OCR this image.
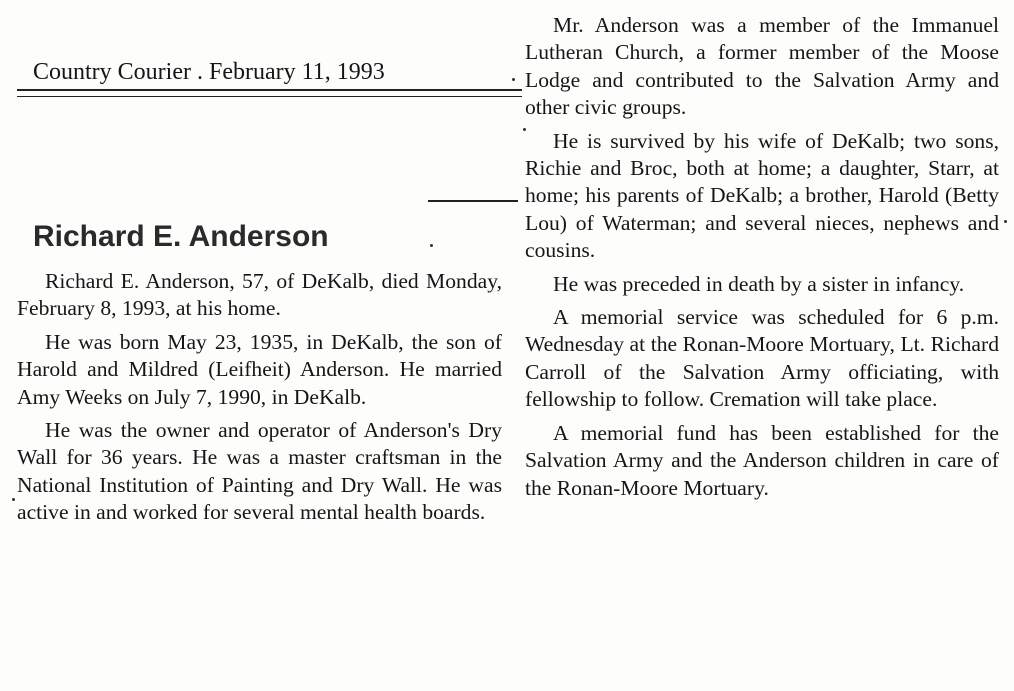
Country Courier . February 11, 1993
Richard E. Anderson

Richard E. Anderson, 57, of DeKalb, died Monday, February 8, 1993, at his home.

He was born May 23, 1935, in DeKalb, the son of Harold and Mildred (Leifheit) Anderson. He married Amy Weeks on July 7, 1990, in DeKalb.

He was the owner and operator of Anderson's Dry Wall for 36 years. He was a master craftsman in the National Institution of Painting and Dry Wall. He was active in and worked for several mental health boards.

Mr. Anderson was a member of the Immanuel Lutheran Church, a former member of the Moose Lodge and contributed to the Salvation Army and other civic groups.

He is survived by his wife of DeKalb; two sons, Richie and Broc, both at home; a daughter, Starr, at home; his parents of DeKalb; a brother, Harold (Betty Lou) of Waterman; and several nieces, nephews and cousins.

He was preceded in death by a sister in infancy.

A memorial service was scheduled for 6 p.m. Wednesday at the Ronan-Moore Mortuary, Lt. Richard Carroll of the Salvation Army officiating, with fellowship to follow. Cremation will take place.

A memorial fund has been established for the Salvation Army and the Anderson children in care of the Ronan-Moore Mortuary.
